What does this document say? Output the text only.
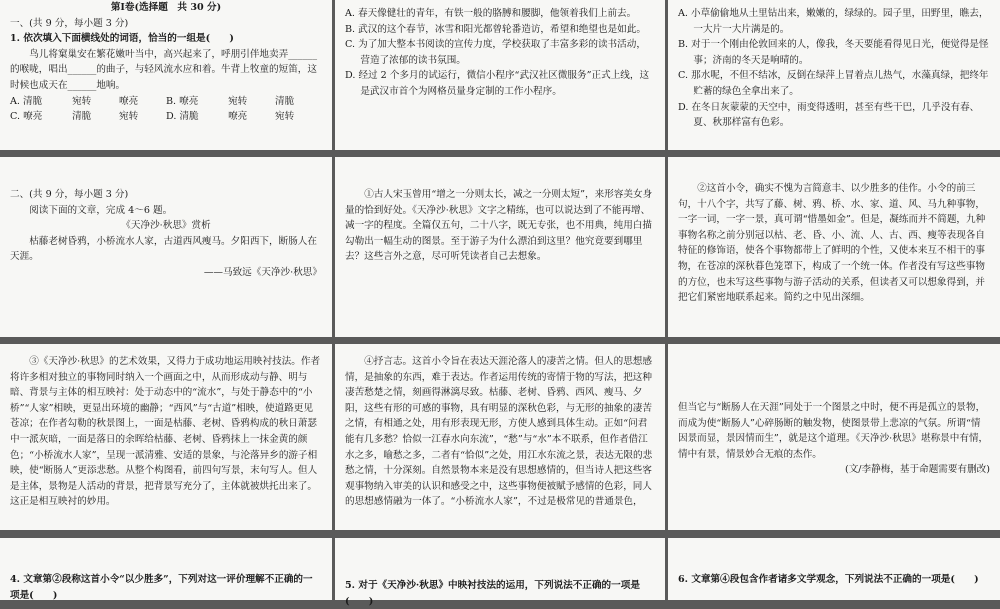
第Ⅰ卷(选择题　共 30 分)

一、(共 9 分，每小题 3 分)

1. 依次填入下面横线处的词语，恰当的一组是(　　)

鸟儿将窠巢安在繁花嫩叶当中，高兴起来了，呼朋引伴地卖弄______的喉咙，唱出______的曲子，与轻风流水应和着。牛背上牧童的短笛，这时候也成天在______地响。

A. 清脆	宛转	嘹亮	B. 嘹亮	宛转	清脆
C. 嘹亮	清脆	宛转	D. 清脆	嘹亮	宛转

A. 春天像健壮的青年，有铁一般的胳膊和腰脚，他领着我们上前去。

B. 武汉的这个春节，冰雪和阳光都曾轮番造访，希望和绝望也是如此。

C. 为了加大整本书阅读的宣传力度，学校获取了丰富多彩的读书活动，营造了浓郁的读书氛围。

D. 经过 2 个多月的试运行，微信小程序“武汉社区微服务”正式上线，这是武汉市首个为网格员量身定制的工作小程序。

A. 小草偷偷地从土里钻出来，嫩嫩的，绿绿的。园子里，田野里，瞧去，一大片一大片满是的。

B. 对于一个刚由伦敦回来的人，像我，冬天要能看得见日光，便觉得是怪事；济南的冬天是响晴的。

C. 那水呢，不但不结冰，反倒在绿萍上冒着点儿热气，水藻真绿，把终年贮蓄的绿色全拿出来了。

D. 在冬日灰蒙蒙的天空中，雨变得透明，甚至有些干巴，几乎没有春、夏、秋那样富有色彩。

二、(共 9 分，每小题 3 分)

阅读下面的文章，完成 4～6 题。

《天净沙·秋思》赏析

枯藤老树昏鸦，小桥流水人家，古道西风瘦马。夕阳西下，断肠人在天涯。

——马致远《天净沙·秋思》

①古人宋玉曾用“增之一分则太长，减之一分则太短”，来形容美女身量的恰到好处。《天净沙·秋思》文字之精练，也可以说达到了不能再增、减一字的程度。全篇仅五句，二十八字，既无专张，也不用典，纯用白描勾勒出一幅生动的图景。至于游子为什么漂泊到这里？他究竟要到哪里去？这些言外之意，尽可听凭读者自己去想象。

②这首小令，确实不愧为言简意丰、以少胜多的佳作。小令的前三句，十八个字，共写了藤、树、鸦、桥、水、家、道、风、马九种事物，一字一词，一字一景，真可谓“惜墨如金”。但是，凝练而并不简题，九种事物名称之前分别冠以枯、老、昏、小、流、人、古、西、瘦等表现各自特征的修饰语，使各个事物都带上了鲜明的个性，又使本来互不相干的事物，在苍凉的深秋暮色笼罩下，构成了一个统一体。作者没有写这些事物的方位，也未写这些事物与游子活动的关系，但读者又可以想象得到，并把它们紧密地联系起来。简约之中见出深细。

③《天净沙·秋思》的艺术效果，又得力于成功地运用映衬技法。作者将许多相对独立的事物同时纳入一个画面之中，从而形成动与静、明与暗、背景与主体的相互映衬：处于动态中的“流水”，与处于静态中的“小桥”“人家”相映，更显出环境的幽静；“西风”与“古道”相映，使道路更见苍凉；在作者勾勒的秋景图上，一面是枯藤、老树、昏鸦构成的秋日萧瑟中一派灰暗，一面是落日的余晖给枯藤、老树、昏鸦抹上一抹金黄的颜色；“小桥流水人家”，呈现一派清雅、安适的景象，与沦落异乡的游子相映，使“断肠人”更添悲愁。从整个构图看，前四句写景，末句写人。但人是主体，景物是人活动的背景，把背景写充分了，主体就被烘托出来了。这正是相互映衬的妙用。

④抒言志。这首小令旨在表达天涯沦落人的凄苦之情。但人的思想感情，是抽象的东西，难于表达。作者运用传统的寄情于物的写法，把这种凄苦愁楚之情，刻画得淋漓尽致。枯藤、老树、昏鸦、西风、瘦马、夕阳，这些有形的可感的事物，具有明显的深秋色彩，与无形的抽象的凄苦之情，有相通之处，用有形表现无形，方使人感到具体生动。正如“问君能有几多愁？恰似一江春水向东流”，“愁”与“水”本不联系，但作者借江水之多，喻愁之多，二者有“恰似”之处，用江水东流之景，表达无限的悲愁之情，十分深刻。自然景物本来是没有思想感情的，但当诗人把这些客观事物纳入审美的认识和感受之中，这些事物便被赋予感情的色彩，同人的思想感情融为一体了。“小桥流水人家”，不过是极常见的普通景色，

但当它与“断肠人在天涯”同处于一个图景之中时，便不再是孤立的景物，而成为使“断肠人”心碎肠断的触发物，使图景带上悲凉的气氛。所谓“情因景而显，景因情而生”，就是这个道理。《天净沙·秋思》堪称景中有情，情中有景，情景妙合无痕的杰作。

(文/李静梅，基于命题需要有删改)

4. 文章第②段称这首小令“以少胜多”，下列对这一评价理解不正确的一项是(　　)

5. 对于《天净沙·秋思》中映衬技法的运用，下列说法不正确的一项是(　　)

6. 文章第④段包含作者诸多文学观念，下列说法不正确的一项是(　　)
